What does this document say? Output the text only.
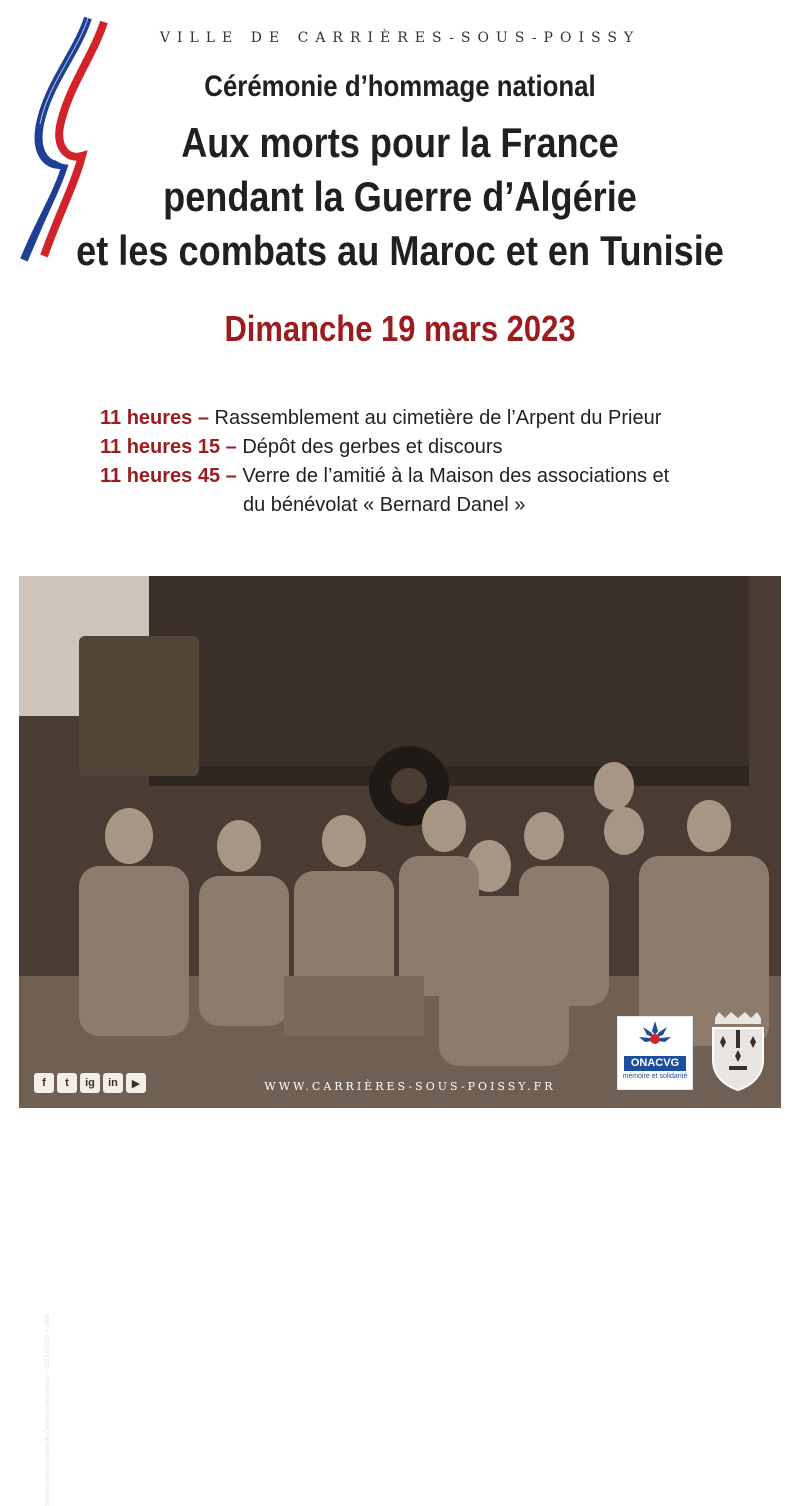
VILLE DE CARRIÈRES-SOUS-POISSY
Cérémonie d’hommage national
Aux morts pour la France
pendant la Guerre d’Algérie
et les combats au Maroc et en Tunisie
Dimanche 19 mars 2023
11 heures – Rassemblement au cimetière de l’Arpent du Prieur
11 heures 15 – Dépôt des gerbes et discours
11 heures 45 – Verre de l’amitié à la Maison des associations et
du bénévolat « Bernard Danel »
Service communication de Carrières-sous-Poissy – 2023-01-181 – 3600
f	t	ig	in	▶	WWW.CARRIÈRES-SOUS-POISSY.FR
ONACVG
mémoire et solidarité
